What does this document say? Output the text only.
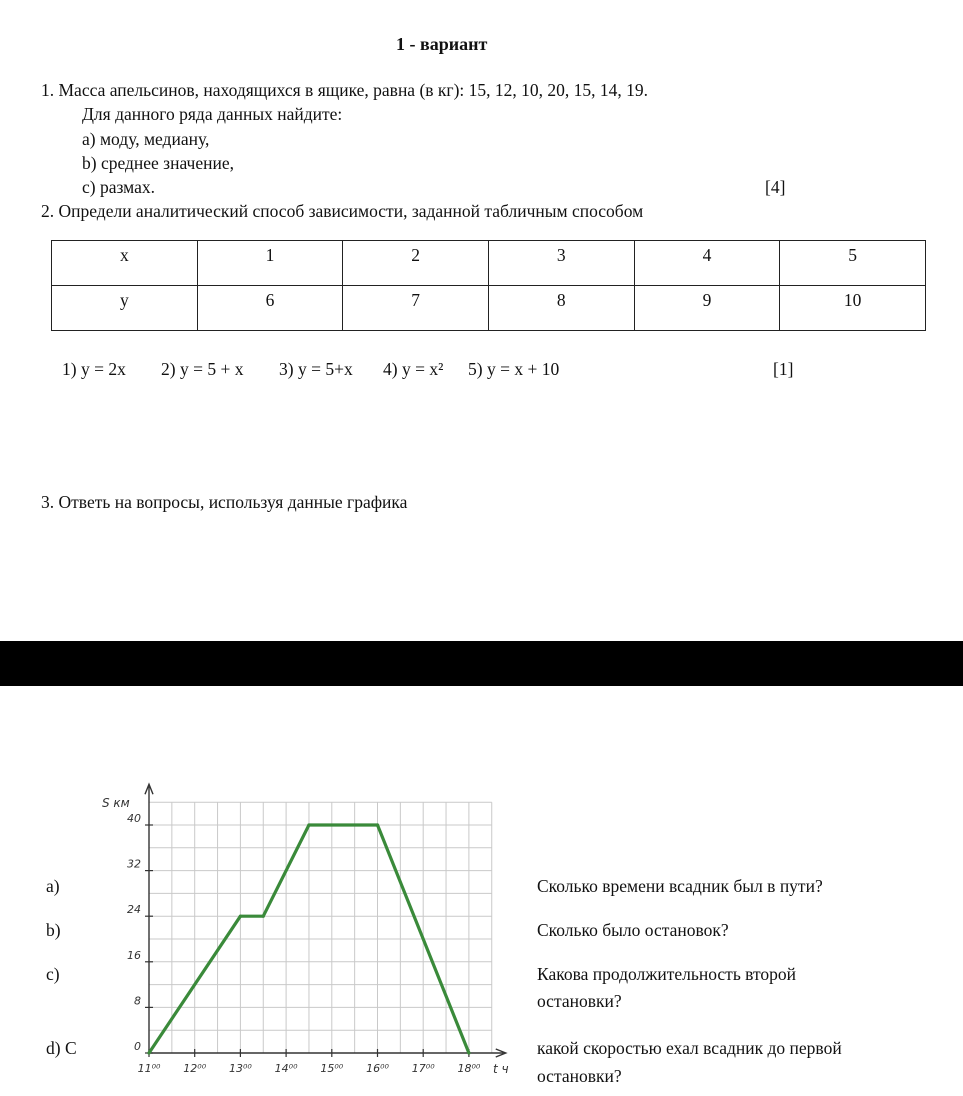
1 - вариант
1. Масса апельсинов, находящихся в ящике, равна (в кг): 15, 12, 10, 20, 15, 14, 19.
Для данного ряда данных найдите:
а) моду, медиану,
b) среднее значение,
с) размах.	[4]
2. Определи аналитический способ зависимости, заданной табличным способом
x	1	2	3	4	5
y	6	7	8	9	10
1) y = 2x 2) y = 5 + x 3) y = 5+x 4) y = x² 5) y = x + 10	[1]
3. Ответь на вопросы, используя данные графика
0
8
16
24
32
40
11⁰⁰ 12⁰⁰ 13⁰⁰ 14⁰⁰ 15⁰⁰ 16⁰⁰ 17⁰⁰ 18⁰⁰
S км
t ч
a)	Сколько времени всадник был в пути?
b)	Сколько было остановок?
c)	Какова продолжительность второй
остановки?
d) C	какой скоростью ехал всадник до первой
остановки?
